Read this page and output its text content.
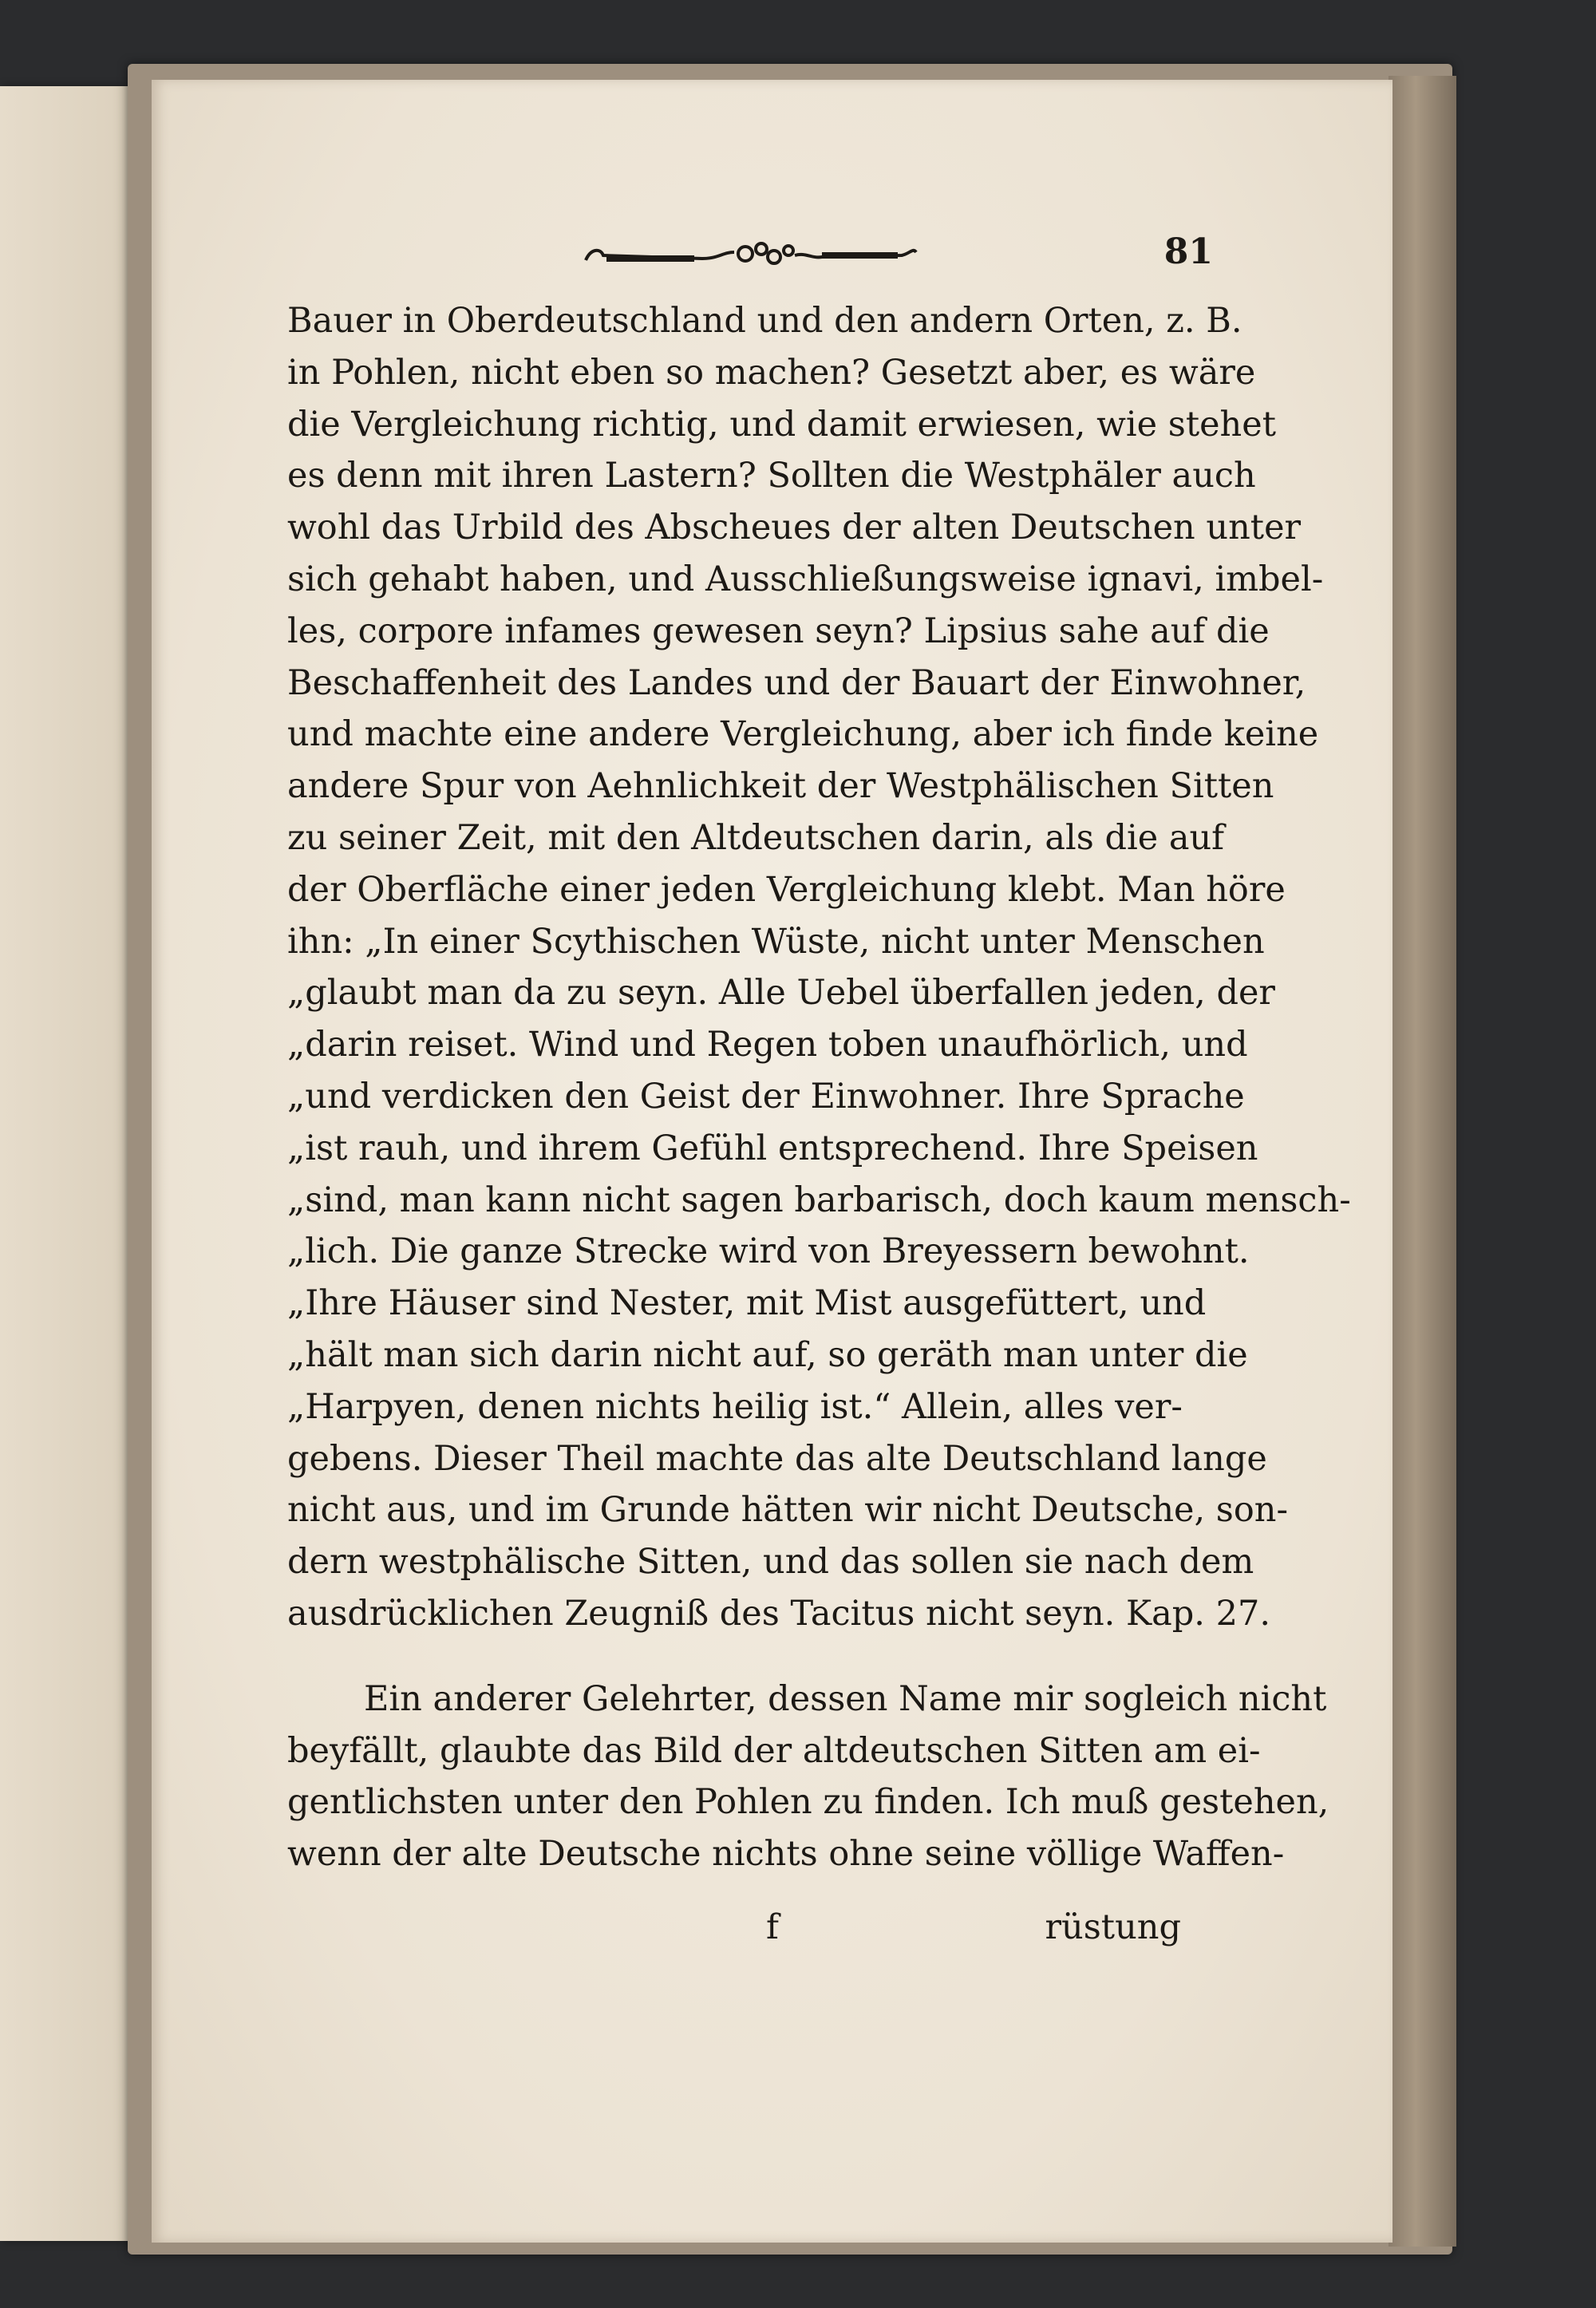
81
Bauer in Oberdeutschland und den andern Orten, z. B.
in Pohlen, nicht eben so machen? Gesetzt aber, es wäre
die Vergleichung richtig, und damit erwiesen, wie stehet
es denn mit ihren Lastern? Sollten die Westphäler auch
wohl das Urbild des Abscheues der alten Deutschen unter
sich gehabt haben, und Ausschließungsweise ignavi, imbel-
les, corpore infames gewesen seyn? Lipsius sahe auf die
Beschaffenheit des Landes und der Bauart der Einwohner,
und machte eine andere Vergleichung, aber ich finde keine
andere Spur von Aehnlichkeit der Westphälischen Sitten
zu seiner Zeit, mit den Altdeutschen darin, als die auf
der Oberfläche einer jeden Vergleichung klebt. Man höre
ihn: „In einer Scythischen Wüste, nicht unter Menschen
„glaubt man da zu seyn. Alle Uebel überfallen jeden, der
„darin reiset. Wind und Regen toben unaufhörlich, und
„und verdicken den Geist der Einwohner. Ihre Sprache
„ist rauh, und ihrem Gefühl entsprechend. Ihre Speisen
„sind, man kann nicht sagen barbarisch, doch kaum mensch-
„lich. Die ganze Strecke wird von Breyessern bewohnt.
„Ihre Häuser sind Nester, mit Mist ausgefüttert, und
„hält man sich darin nicht auf, so geräth man unter die
„Harpyen, denen nichts heilig ist.“ Allein, alles ver-
gebens. Dieser Theil machte das alte Deutschland lange
nicht aus, und im Grunde hätten wir nicht Deutsche, son-
dern westphälische Sitten, und das sollen sie nach dem
ausdrücklichen Zeugniß des Tacitus nicht seyn. Kap. 27.
Ein anderer Gelehrter, dessen Name mir sogleich nicht
beyfällt, glaubte das Bild der altdeutschen Sitten am ei-
gentlichsten unter den Pohlen zu finden. Ich muß gestehen,
wenn der alte Deutsche nichts ohne seine völlige Waffen-
f	rüstung
